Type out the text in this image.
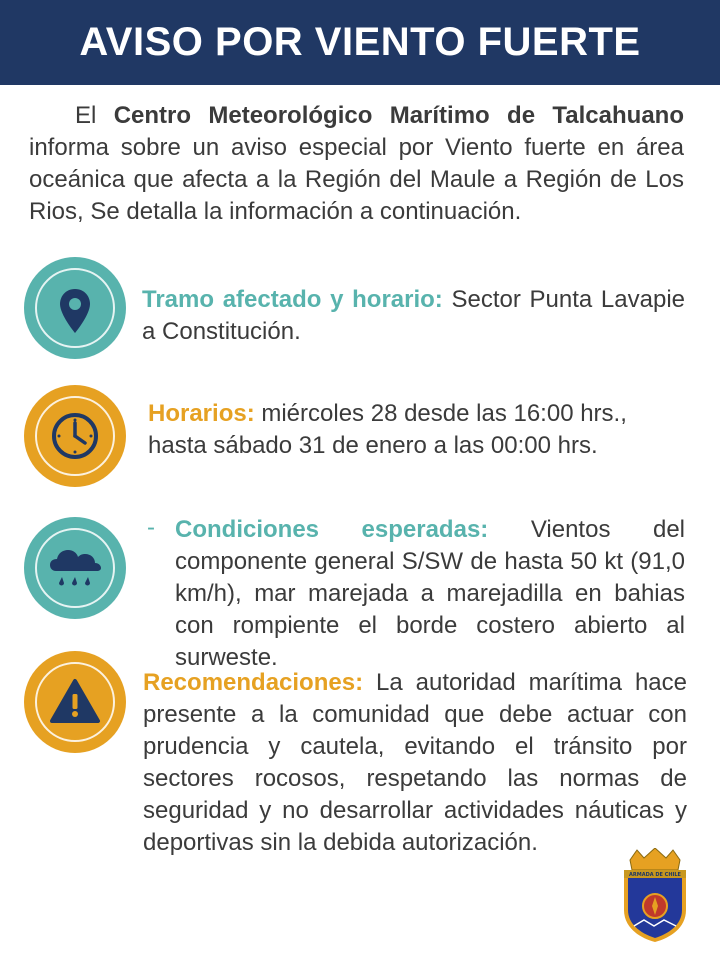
AVISO POR VIENTO FUERTE

El Centro Meteorológico Marítimo de Talcahuano informa sobre un aviso especial por Viento fuerte en área oceánica que afecta a la Región del Maule a Región de Los Rios, Se detalla la información a continuación.

Tramo afectado y horario: Sector Punta Lavapie a Constitución.

Horarios: miércoles 28 desde las 16:00 hrs., hasta sábado 31 de enero a las 00:00 hrs.

- Condiciones esperadas: Vientos del componente general S/SW de hasta 50 kt (91,0 km/h), mar marejada a marejadilla en bahias con rompiente el borde costero abierto al surweste.

Recomendaciones: La autoridad marítima hace presente a la comunidad que debe actuar con prudencia y cautela, evitando el tránsito por sectores rocosos, respetando las normas de seguridad y no desarrollar actividades náuticas y deportivas sin la debida autorización.

ARMADA DE CHILE
